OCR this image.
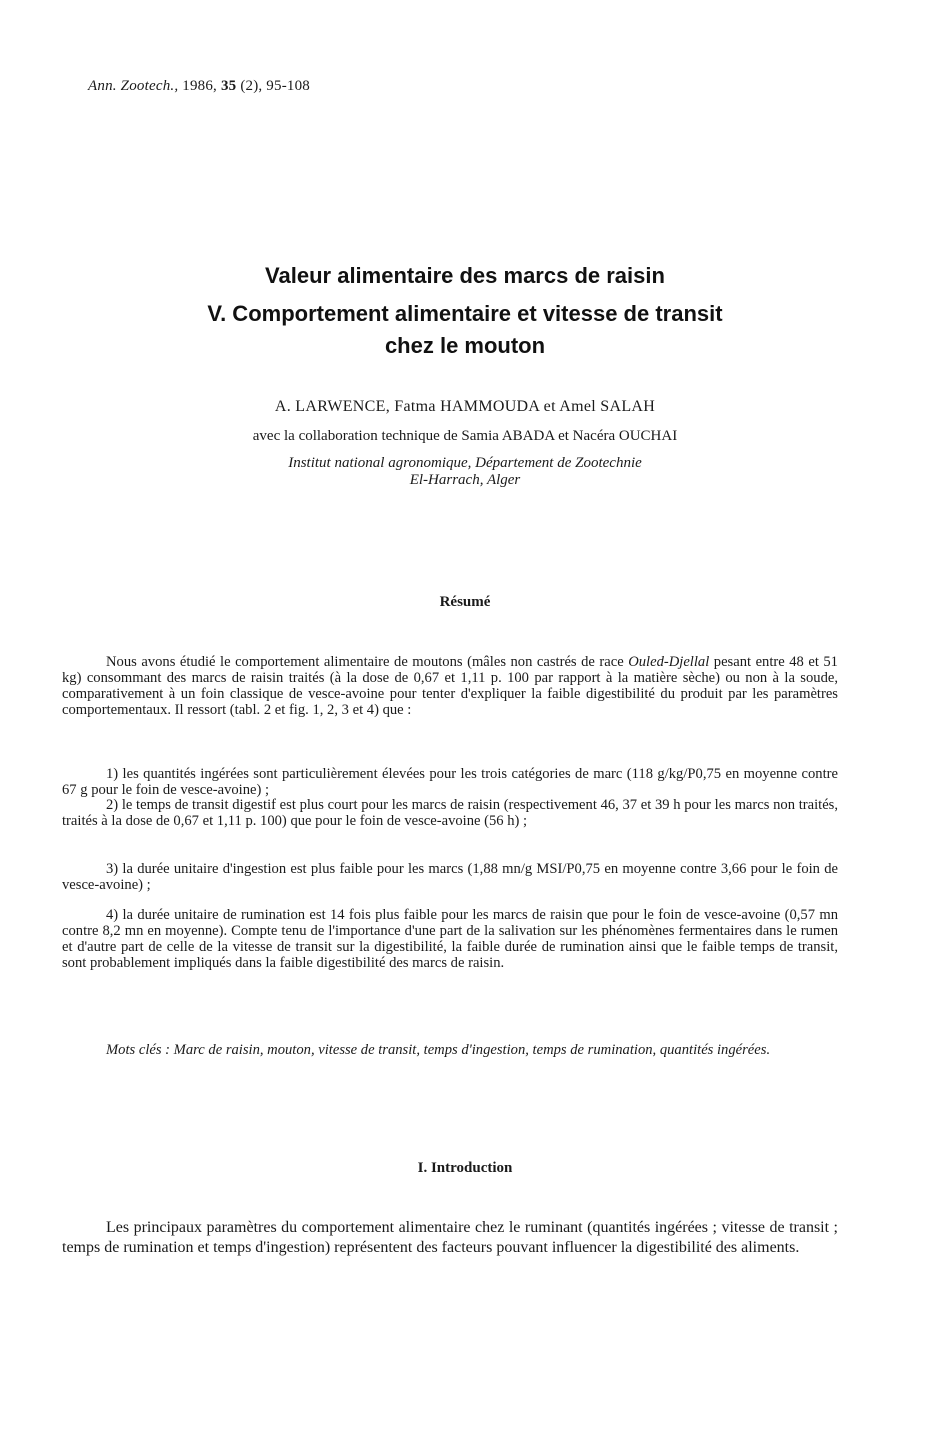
Ann. Zootech., 1986, 35 (2), 95-108
Valeur alimentaire des marcs de raisin
V. Comportement alimentaire et vitesse de transit
chez le mouton
A. LARWENCE, Fatma HAMMOUDA et Amel SALAH
avec la collaboration technique de Samia ABADA et Nacéra OUCHAI
Institut national agronomique, Département de Zootechnie
El-Harrach, Alger
Résumé
Nous avons étudié le comportement alimentaire de moutons (mâles non castrés de race Ouled-Djellal pesant entre 48 et 51 kg) consommant des marcs de raisin traités (à la dose de 0,67 et 1,11 p. 100 par rapport à la matière sèche) ou non à la soude, comparativement à un foin classique de vesce-avoine pour tenter d'expliquer la faible digestibilité du produit par les paramètres comportementaux. Il ressort (tabl. 2 et fig. 1, 2, 3 et 4) que :
1) les quantités ingérées sont particulièrement élevées pour les trois catégories de marc (118 g/kg/P0,75 en moyenne contre 67 g pour le foin de vesce-avoine) ;
2) le temps de transit digestif est plus court pour les marcs de raisin (respectivement 46, 37 et 39 h pour les marcs non traités, traités à la dose de 0,67 et 1,11 p. 100) que pour le foin de vesce-avoine (56 h) ;
3) la durée unitaire d'ingestion est plus faible pour les marcs (1,88 mn/g MSI/P0,75 en moyenne contre 3,66 pour le foin de vesce-avoine) ;
4) la durée unitaire de rumination est 14 fois plus faible pour les marcs de raisin que pour le foin de vesce-avoine (0,57 mn contre 8,2 mn en moyenne). Compte tenu de l'importance d'une part de la salivation sur les phénomènes fermentaires dans le rumen et d'autre part de celle de la vitesse de transit sur la digestibilité, la faible durée de rumination ainsi que le faible temps de transit, sont probablement impliqués dans la faible digestibilité des marcs de raisin.
Mots clés : Marc de raisin, mouton, vitesse de transit, temps d'ingestion, temps de rumination, quantités ingérées.
I. Introduction
Les principaux paramètres du comportement alimentaire chez le ruminant (quantités ingérées ; vitesse de transit ; temps de rumination et temps d'ingestion) représentent des facteurs pouvant influencer la digestibilité des aliments.
